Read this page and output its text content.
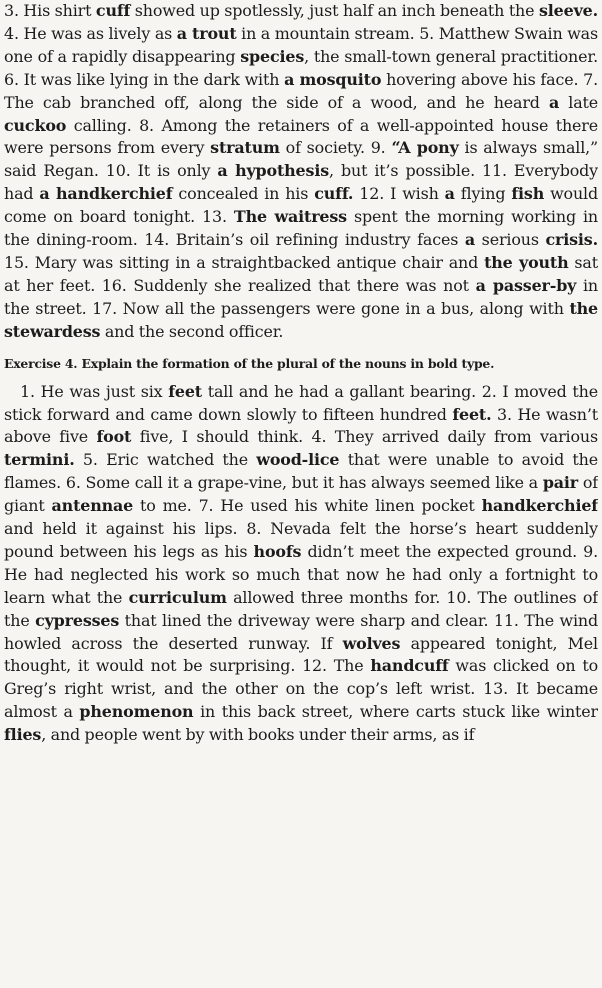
3. His shirt cuff showed up spotlessly, just half an inch beneath the sleeve. 4. He was as lively as a trout in a mountain stream. 5. Matthew Swain was one of a rapidly disappearing species, the small-town general practitioner. 6. It was like lying in the dark with a mosquito hovering above his face. 7. The cab branched off, along the side of a wood, and he heard a late cuckoo calling. 8. Among the retainers of a well-appointed house there were persons from every stratum of society. 9. “A pony is always small,” said Regan. 10. It is only a hypothesis, but it’s possible. 11. Everybody had a handkerchief concealed in his cuff. 12. I wish a flying fish would come on board tonight. 13. The waitress spent the morning working in the dining-room. 14. Britain’s oil refining industry faces a serious crisis. 15. Mary was sitting in a straightbacked antique chair and the youth sat at her feet. 16. Suddenly she realized that there was not a passer-by in the street. 17. Now all the passengers were gone in a bus, along with the stewardess and the second officer.

Exercise 4. Explain the formation of the plural of the nouns in bold type.

1. He was just six feet tall and he had a gallant bearing. 2. I moved the stick forward and came down slowly to fifteen hundred feet. 3. He wasn’t above five foot five, I should think. 4. They arrived daily from various termini. 5. Eric watched the wood-lice that were unable to avoid the flames. 6. Some call it a grape-vine, but it has always seemed like a pair of giant antennae to me. 7. He used his white linen pocket handkerchief and held it against his lips. 8. Nevada felt the horse’s heart suddenly pound between his legs as his hoofs didn’t meet the expected ground. 9. He had neglected his work so much that now he had only a fortnight to learn what the curriculum allowed three months for. 10. The outlines of the cypresses that lined the driveway were sharp and clear. 11. The wind howled across the deserted runway. If wolves appeared tonight, Mel thought, it would not be surprising. 12. The handcuff was clicked on to Greg’s right wrist, and the other on the cop’s left wrist. 13. It became almost a phenomenon in this back street, where carts stuck like winter flies, and people went by with books under their arms, as if
